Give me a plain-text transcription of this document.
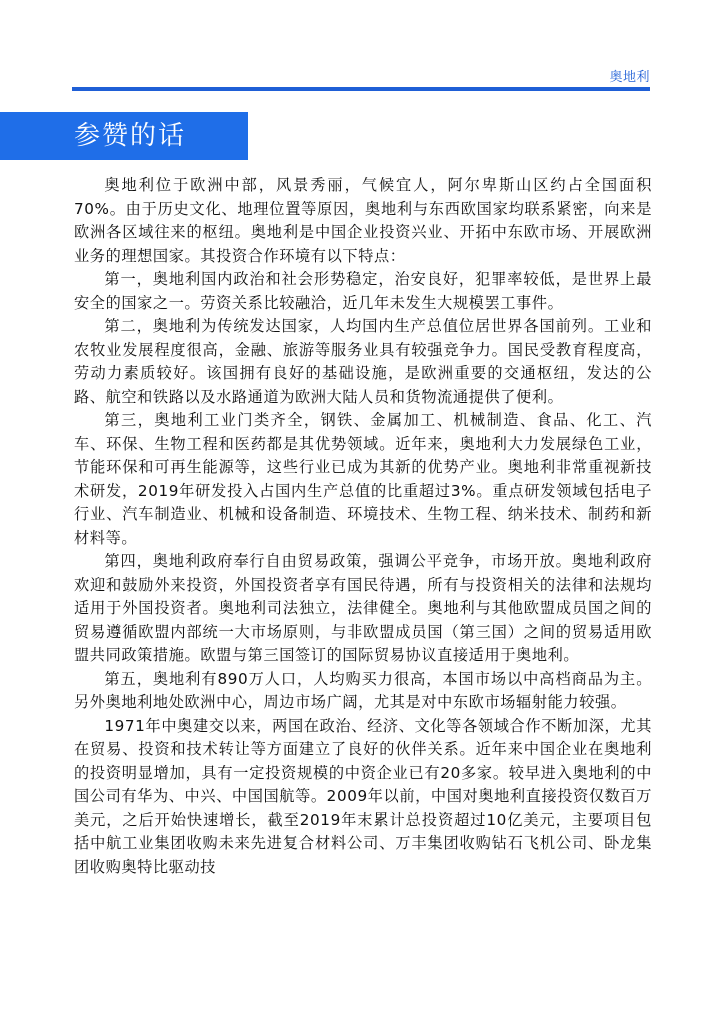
奥地利
参赞的话

奥地利位于欧洲中部，风景秀丽，气候宜人，阿尔卑斯山区约占全国面积70%。由于历史文化、地理位置等原因，奥地利与东西欧国家均联系紧密，向来是欧洲各区域往来的枢纽。奥地利是中国企业投资兴业、开拓中东欧市场、开展欧洲业务的理想国家。其投资合作环境有以下特点：

第一，奥地利国内政治和社会形势稳定，治安良好，犯罪率较低，是世界上最安全的国家之一。劳资关系比较融洽，近几年未发生大规模罢工事件。

第二，奥地利为传统发达国家，人均国内生产总值位居世界各国前列。工业和农牧业发展程度很高，金融、旅游等服务业具有较强竞争力。国民受教育程度高，劳动力素质较好。该国拥有良好的基础设施，是欧洲重要的交通枢纽，发达的公路、航空和铁路以及水路通道为欧洲大陆人员和货物流通提供了便利。

第三，奥地利工业门类齐全，钢铁、金属加工、机械制造、食品、化工、汽车、环保、生物工程和医药都是其优势领域。近年来，奥地利大力发展绿色工业，节能环保和可再生能源等，这些行业已成为其新的优势产业。奥地利非常重视新技术研发，2019年研发投入占国内生产总值的比重超过3%。重点研发领域包括电子行业、汽车制造业、机械和设备制造、环境技术、生物工程、纳米技术、制药和新材料等。

第四，奥地利政府奉行自由贸易政策，强调公平竞争，市场开放。奥地利政府欢迎和鼓励外来投资，外国投资者享有国民待遇，所有与投资相关的法律和法规均适用于外国投资者。奥地利司法独立，法律健全。奥地利与其他欧盟成员国之间的贸易遵循欧盟内部统一大市场原则，与非欧盟成员国（第三国）之间的贸易适用欧盟共同政策措施。欧盟与第三国签订的国际贸易协议直接适用于奥地利。

第五，奥地利有890万人口，人均购买力很高，本国市场以中高档商品为主。另外奥地利地处欧洲中心，周边市场广阔，尤其是对中东欧市场辐射能力较强。

1971年中奥建交以来，两国在政治、经济、文化等各领域合作不断加深，尤其在贸易、投资和技术转让等方面建立了良好的伙伴关系。近年来中国企业在奥地利的投资明显增加，具有一定投资规模的中资企业已有20多家。较早进入奥地利的中国公司有华为、中兴、中国国航等。2009年以前，中国对奥地利直接投资仅数百万美元，之后开始快速增长，截至2019年末累计总投资超过10亿美元，主要项目包括中航工业集团收购未来先进复合材料公司、万丰集团收购钻石飞机公司、卧龙集团收购奥特比驱动技
